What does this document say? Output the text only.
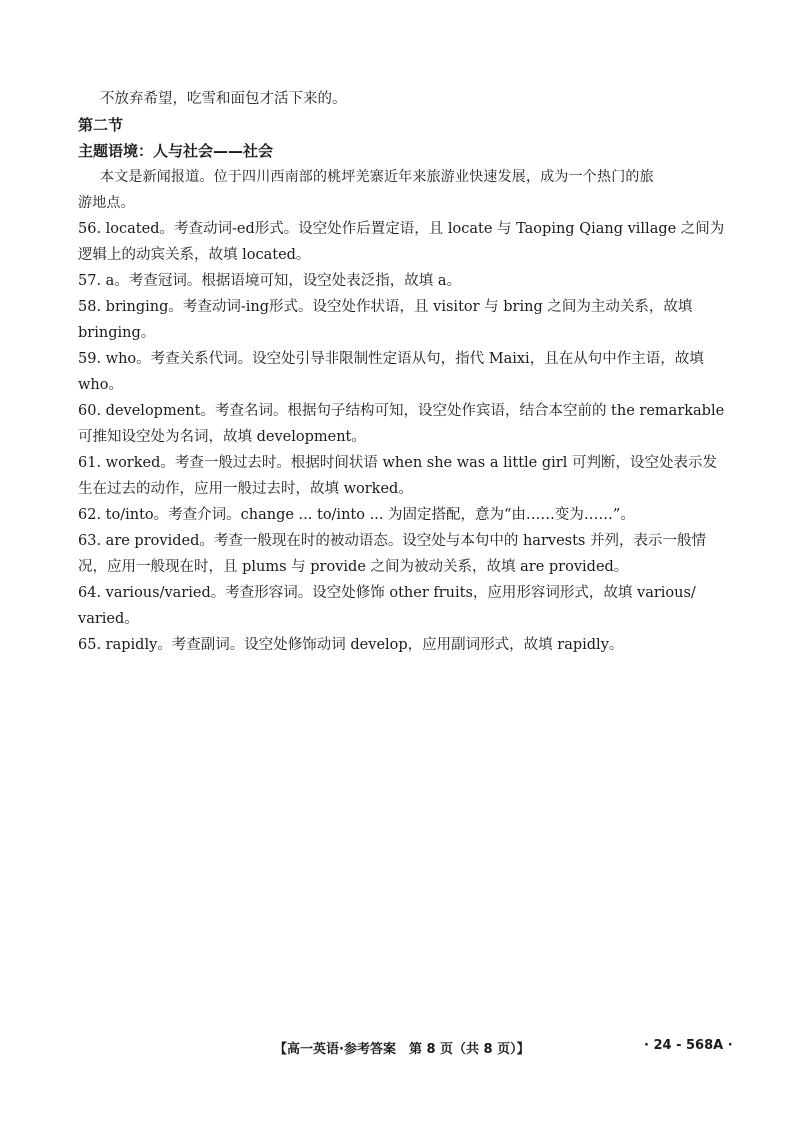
不放弃希望，吃雪和面包才活下来的。

第二节

主题语境：人与社会——社会

本文是新闻报道。位于四川西南部的桃坪羌寨近年来旅游业快速发展，成为一个热门的旅

游地点。

56. located。考查动词-ed形式。设空处作后置定语，且 locate 与 Taoping Qiang village 之间为

逻辑上的动宾关系，故填 located。

57. a。考查冠词。根据语境可知，设空处表泛指，故填 a。

58. bringing。考查动词-ing形式。设空处作状语，且 visitor 与 bring 之间为主动关系，故填

bringing。

59. who。考查关系代词。设空处引导非限制性定语从句，指代 Maixi，且在从句中作主语，故填

who。

60. development。考查名词。根据句子结构可知，设空处作宾语，结合本空前的 the remarkable

可推知设空处为名词，故填 development。

61. worked。考查一般过去时。根据时间状语 when she was a little girl 可判断，设空处表示发

生在过去的动作，应用一般过去时，故填 worked。

62. to/into。考查介词。change ... to/into ... 为固定搭配，意为“由……变为……”。

63. are provided。考查一般现在时的被动语态。设空处与本句中的 harvests 并列，表示一般情

况，应用一般现在时，且 plums 与 provide 之间为被动关系，故填 are provided。

64. various/varied。考查形容词。设空处修饰 other fruits，应用形容词形式，故填 various/

varied。

65. rapidly。考查副词。设空处修饰动词 develop，应用副词形式，故填 rapidly。

【高一英语·参考答案　第 8 页（共 8 页）】	· 24 - 568A ·
